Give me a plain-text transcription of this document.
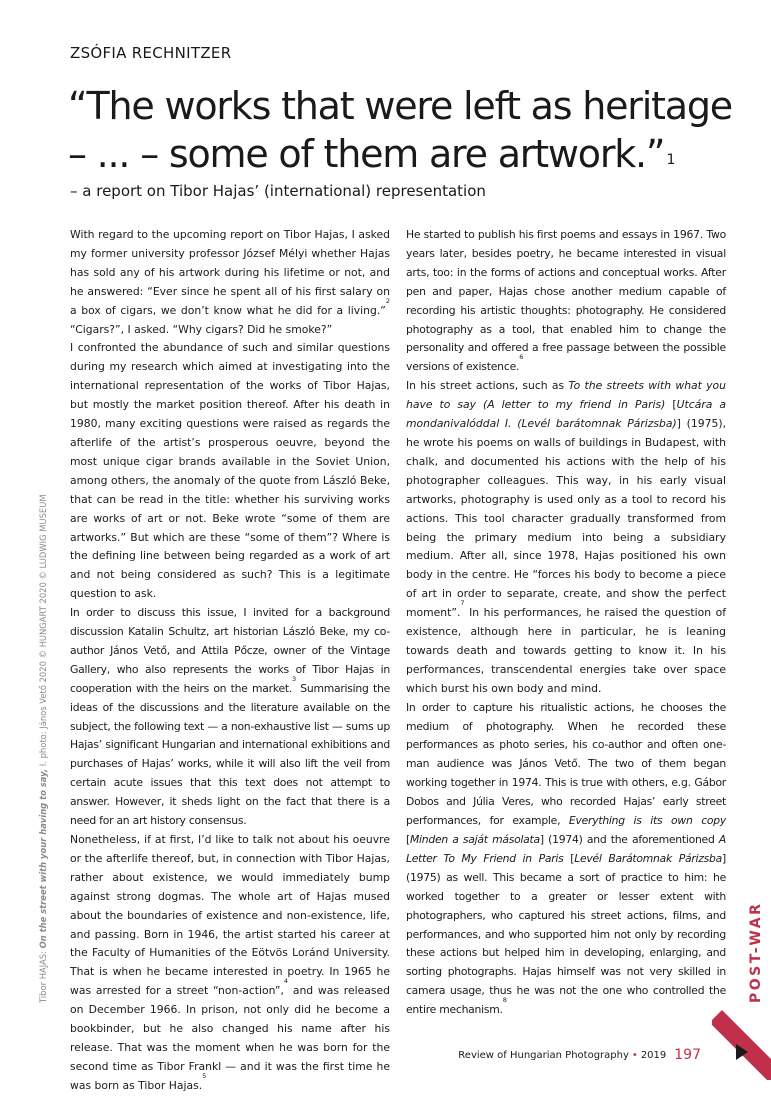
ZSÓFIA RECHNITZER
“The works that were left as heritage
– ... – some of them are artwork.” $^1$
– a report on Tibor Hajas’ (international) representation

With regard to the upcoming report on Tibor Hajas, I asked my former university professor József Mélyi whether Hajas has sold any of his artwork during his lifetime or not, and he answered: “Ever since he spent all of his first salary on a box of cigars, we don’t know what he did for a living.”$^2$ “Cigars?”, I asked. “Why cigars? Did he smoke?”

I confronted the abundance of such and similar questions during my research which aimed at investigating into the international representation of the works of Tibor Hajas, but mostly the market position thereof. After his death in 1980, many exciting questions were raised as regards the afterlife of the artist’s prosperous oeuvre, beyond the most unique cigar brands available in the Soviet Union, among others, the anomaly of the quote from László Beke, that can be read in the title: whether his surviving works are works of art or not. Beke wrote “some of them are artworks.” But which are these “some of them”? Where is the defining line between being regarded as a work of art and not being considered as such? This is a legitimate question to ask.

In order to discuss this issue, I invited for a background discussion Katalin Schultz, art historian László Beke, my co-author János Vető, and Attila Pőcze, owner of the Vintage Gallery, who also represents the works of Tibor Hajas in cooperation with the heirs on the market.$^3$ Summarising the ideas of the discussions and the literature available on the subject, the following text — a non-exhaustive list — sums up Hajas’ significant Hungarian and international exhibitions and purchases of Hajas’ works, while it will also lift the veil from certain acute issues that this text does not attempt to answer. However, it sheds light on the fact that there is a need for an art history consensus.

Nonetheless, if at first, I’d like to talk not about his oeuvre or the afterlife thereof, but, in connection with Tibor Hajas, rather about existence, we would immediately bump against strong dogmas. The whole art of Hajas mused about the boundaries of existence and non-existence, life, and passing. Born in 1946, the artist started his career at the Faculty of Humanities of the Eötvös Loránd University. That is when he became interested in poetry. In 1965 he was arrested for a street “non-action”,$^4$ and was released on December 1966. In prison, not only did he become a bookbinder, but he also changed his name after his release. That was the moment when he was born for the second time as Tibor Frankl — and it was the first time he was born as Tibor Hajas.$^5$

He started to publish his first poems and essays in 1967. Two years later, besides poetry, he became interested in visual arts, too: in the forms of actions and conceptual works. After pen and paper, Hajas chose another medium capable of recording his artistic thoughts: photography. He considered photography as a tool, that enabled him to change the personality and offered a free passage between the possible versions of existence.$^6$

In his street actions, such as To the streets with what you have to say (A letter to my friend in Paris) [Utcára a mondanivalóddal I. (Levél barátomnak Párizsba)] (1975), he wrote his poems on walls of buildings in Budapest, with chalk, and documented his actions with the help of his photographer colleagues. This way, in his early visual artworks, photography is used only as a tool to record his actions. This tool character gradually transformed from being the primary medium into being a subsidiary medium. After all, since 1978, Hajas positioned his own body in the centre. He “forces his body to become a piece of art in order to separate, create, and show the perfect moment”.$^7$ In his performances, he raised the question of existence, although here in particular, he is leaning towards death and towards getting to know it. In his performances, transcendental energies take over space which burst his own body and mind.

In order to capture his ritualistic actions, he chooses the medium of photography. When he recorded these performances as photo series, his co-author and often one-man audience was János Vető. The two of them began working together in 1974. This is true with others, e.g. Gábor Dobos and Júlia Veres, who recorded Hajas’ early street performances, for example, Everything is its own copy [Minden a saját másolata] (1974) and the aforementioned A Letter To My Friend in Paris [Levél Barátomnak Párizsba] (1975) as well. This became a sort of practice to him: he worked together to a greater or lesser extent with photographers, who captured his street actions, films, and performances, and who supported him not only by recording these actions but helped him in developing, enlarging, and sorting photographs. Hajas himself was not very skilled in camera usage, thus he was not the one who controlled the entire mechanism.$^8$

Tibor HAJAS: On the street with your having to say, I. photo: János Vető 2020 © HUNGART 2020 © LUDWIG MUSEUM
POST-WAR
Review of Hungarian Photography • 2019 197
